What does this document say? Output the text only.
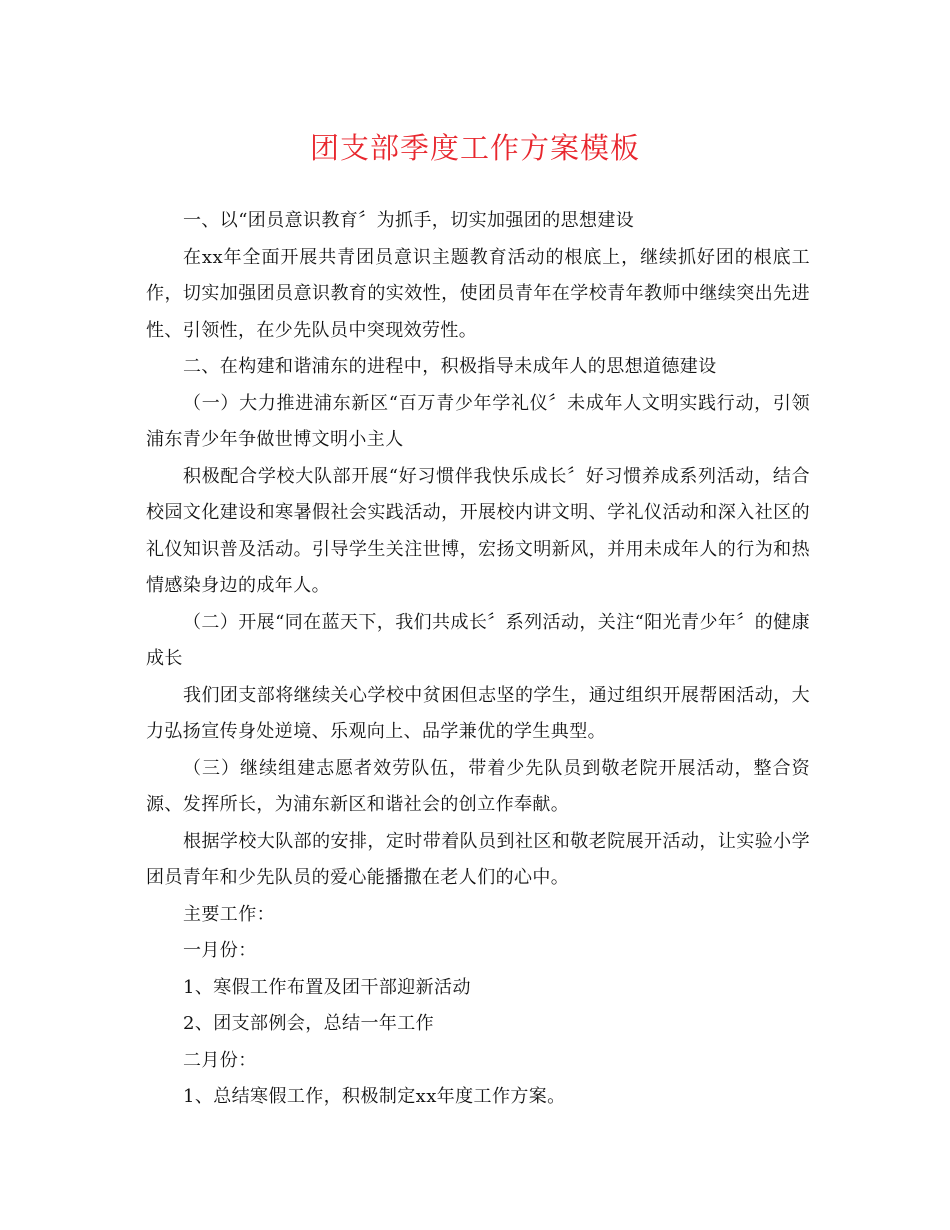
团支部季度工作方案模板

一、以“团员意识教育〞为抓手，切实加强团的思想建设

在xx年全面开展共青团员意识主题教育活动的根底上，继续抓好团的根底工作，切实加强团员意识教育的实效性，使团员青年在学校青年教师中继续突出先进性、引领性，在少先队员中突现效劳性。

二、在构建和谐浦东的进程中，积极指导未成年人的思想道德建设

（一）大力推进浦东新区“百万青少年学礼仪〞未成年人文明实践行动，引领浦东青少年争做世博文明小主人

积极配合学校大队部开展“好习惯伴我快乐成长〞好习惯养成系列活动，结合校园文化建设和寒暑假社会实践活动，开展校内讲文明、学礼仪活动和深入社区的礼仪知识普及活动。引导学生关注世博，宏扬文明新风，并用未成年人的行为和热情感染身边的成年人。

（二）开展“同在蓝天下，我们共成长〞系列活动，关注“阳光青少年〞的健康成长

我们团支部将继续关心学校中贫困但志坚的学生，通过组织开展帮困活动，大力弘扬宣传身处逆境、乐观向上、品学兼优的学生典型。

（三）继续组建志愿者效劳队伍，带着少先队员到敬老院开展活动，整合资源、发挥所长，为浦东新区和谐社会的创立作奉献。

根据学校大队部的安排，定时带着队员到社区和敬老院展开活动，让实验小学团员青年和少先队员的爱心能播撒在老人们的心中。

主要工作：

一月份：

1、寒假工作布置及团干部迎新活动

2、团支部例会，总结一年工作

二月份：

1、总结寒假工作，积极制定xx年度工作方案。
